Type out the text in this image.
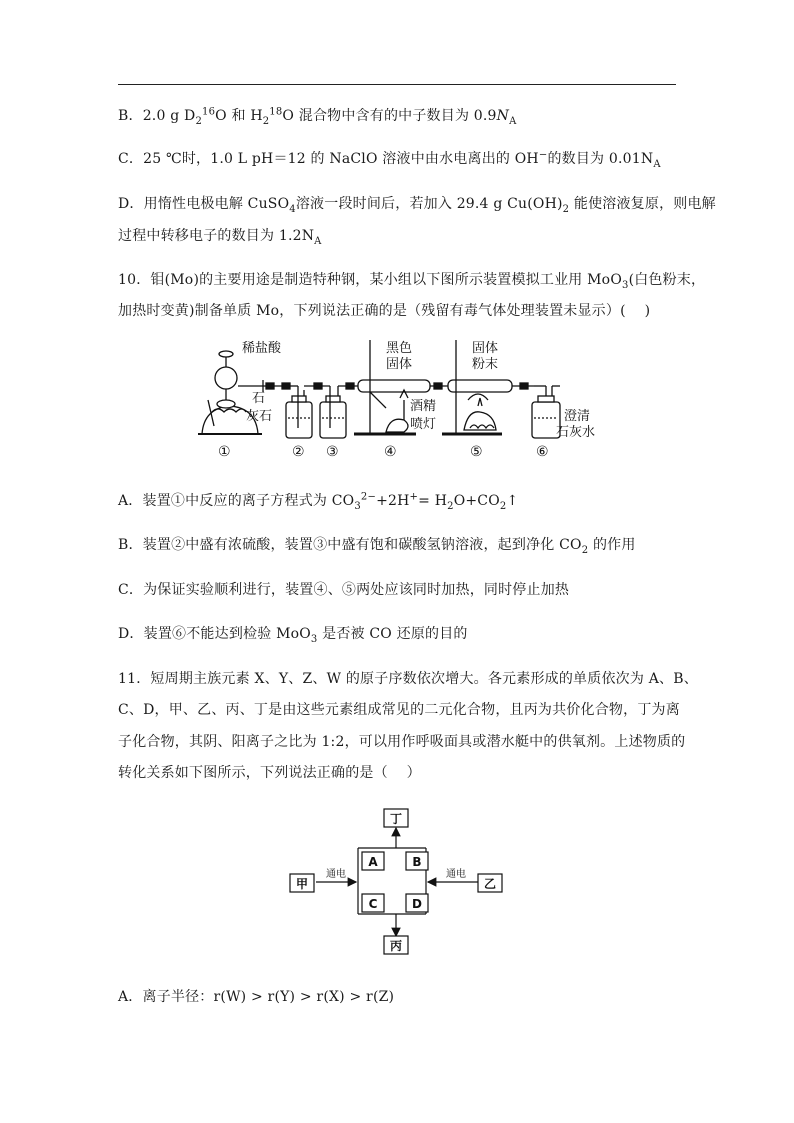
B．2.0 g $D_2^{16}O$ 和 $H_2^{18}O$ 混合物中含有的中子数目为 $0.9N_A$
C．25 ℃时，1.0 L pH＝12 的 NaClO 溶液中由水电离出的 OH−的数目为 $0.01N_A$
D．用惰性电极电解 CuSO$_4$溶液一段时间后，若加入 29.4 g $Cu(OH)_2$ 能使溶液复原，则电解
过程中转移电子的数目为 $1.2N_A$
10．钼(Mo)的主要用途是制造特种钢，某小组以下图所示装置模拟工业用 MoO$_3$(白色粉末，
加热时变黄)制备单质 Mo，下列说法正确的是（残留有毒气体处理装置未显示）(　 )
稀盐酸
石
灰石
黑色
固体
固体
粉末
酒精
喷灯
澄清
石灰水
①	② ③	④	⑤	⑥
A．装置①中反应的离子方程式为 $CO_3^{2-}+2H^+=$ $H_2O+CO_2↑$
B．装置②中盛有浓硫酸，装置③中盛有饱和碳酸氢钠溶液，起到净化 $CO_2$ 的作用
C．为保证实验顺利进行，装置④、⑤两处应该同时加热，同时停止加热
D．装置⑥不能达到检验 MoO$_3$ 是否被 CO 还原的目的
11．短周期主族元素 X、Y、Z、W 的原子序数依次增大。各元素形成的单质依次为 A、B、
C、D，甲、乙、丙、丁是由这些元素组成常见的二元化合物，且丙为共价化合物，丁为离
子化合物，其阴、阳离子之比为 1:2，可以用作呼吸面具或潜水艇中的供氧剂。上述物质的
转化关系如下图所示，下列说法正确的是（　 ）
丁
丙
甲	乙
A	B
C	D
通电	通电
A．离子半径：r(W) > r(Y) > r(X) > r(Z)
